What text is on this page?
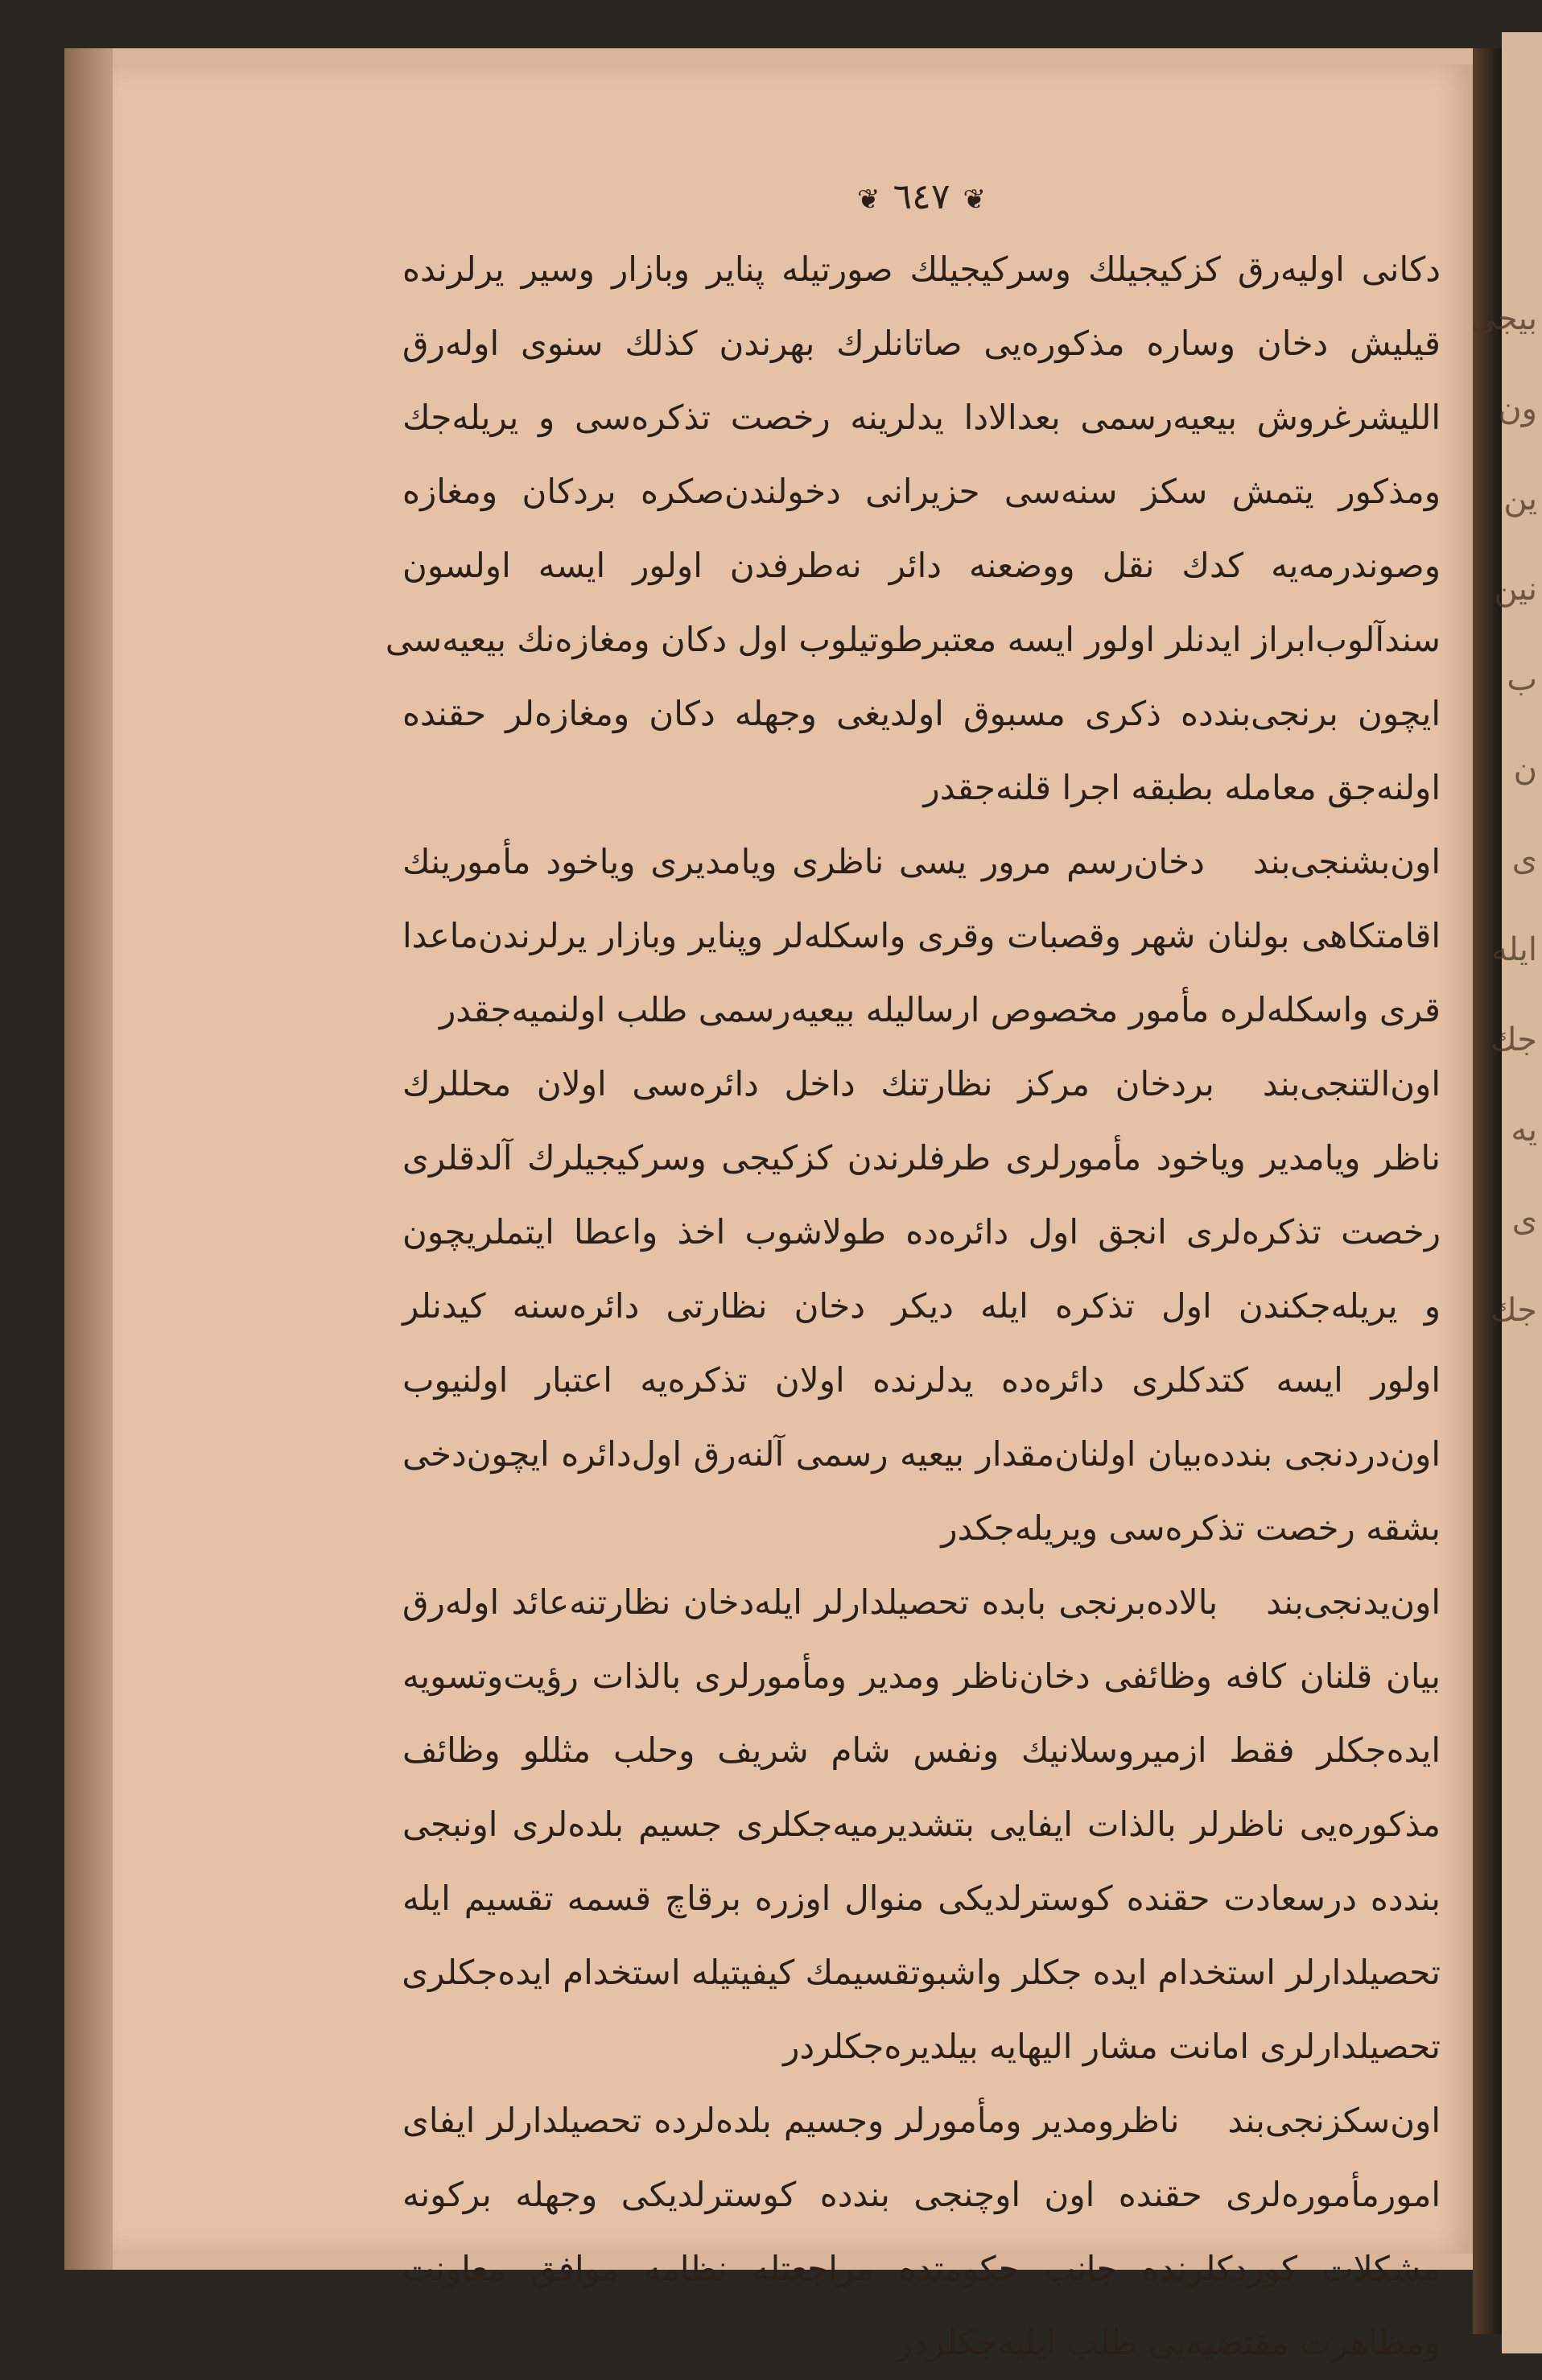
بیجی ون ین نین ب ن ی ایله جك یه ی جك
❦٦٤٧❦
دکانی اولیه‌رق کزکیجیلك وسرکیجیلك صورتیله پنایر وبازار وسیر یرلرنده
قیلیش دخان وساره مذکوره‌یی صاتانلرك بهرندن کذلك سنوی اوله‌رق
اللیشرغروش بیعیه‌رسمی بعدالادا یدلرینه رخصت تذکره‌سی و یریله‌جك
ومذکور یتمش سکز سنه‌سی حزیرانی دخولندن‌صکره بردکان ومغازه
وصوندرمه‌یه کدك نقل ووضعنه دائر نه‌طرفدن اولور ایسه اولسون
سندآلوب‌ابراز ایدنلر اولور ایسه معتبرطوتیلوب اول دکان ومغازه‌نك بیعیه‌سی
ایچون برنجی‌بندده ذکری مسبوق اولدیغی وجهله دکان ومغازه‌لر حقنده
اولنه‌جق معامله بطبقه اجرا قلنه‌جقدر
اون‌بشنجی‌بنددخان‌رسم مرور یسی ناظری ویامدیری ویاخود مأمورینك
اقامتکاهی بولنان شهر وقصبات وقری واسکله‌لر وپنایر وبازار یرلرندن‌ماعدا
قری واسکله‌لره مأمور مخصوص ارسالیله بیعیه‌رسمی طلب اولنمیه‌جقدر
اون‌التنجی‌بندبردخان مرکز نظارتنك داخل دائره‌سی اولان محللرك
ناظر ویامدیر ویاخود مأمورلری طرفلرندن کزکیجی وسرکیجیلرك آلدقلری
رخصت تذکره‌لری انجق اول دائره‌ده طولاشوب اخذ واعطا ایتملریچون
و یریله‌جکندن اول تذکره ایله دیکر دخان نظارتی دائره‌سنه کیدنلر
اولور ایسه کتدکلری دائره‌ده یدلرنده اولان تذکره‌یه اعتبار اولنیوب
اون‌دردنجی بندده‌بیان اولنان‌مقدار بیعیه رسمی آلنه‌رق اول‌دائره ایچون‌دخی
بشقه رخصت تذکره‌سی ویریله‌جکدر
اون‌یدنجی‌بندبالاده‌برنجی بابده تحصیلدارلر ایله‌دخان نظارتنه‌عائد اوله‌رق
بیان قلنان کافه وظائفی دخان‌ناظر ومدیر ومأمورلری بالذات رؤیت‌وتسویه
ایده‌جکلر فقط ازمیروسلانیك ونفس شام شریف وحلب مثللو وظائف
مذکوره‌یی ناظرلر بالذات ایفایی بتشدیرمیه‌جکلری جسیم بلده‌لری اونبجی
بندده درسعادت حقنده کوسترلدیکی منوال اوزره برقاچ قسمه تقسیم ایله
تحصیلدارلر استخدام اید‌ه جکلر واشبوتقسیمك کیفیتیله استخدام ایده‌جکلری
تحصیلدارلری امانت مشار الیهایه بیلدیره‌جکلردر
اون‌سکزنجی‌بندناظرومدیر ومأمورلر وجسیم بلده‌لرده تحصیلدارلر ایفای
امورمأموره‌لری حقنده اون اوچنجی بندده کوسترلدیکی وجهله برکونه
مشکلات کوردکلرنده جانب حکومتده مراجعتله نظامه موافق معاونت
ومظاهرت مقتضیه‌یی طلب ایلیه‌جکلردر
